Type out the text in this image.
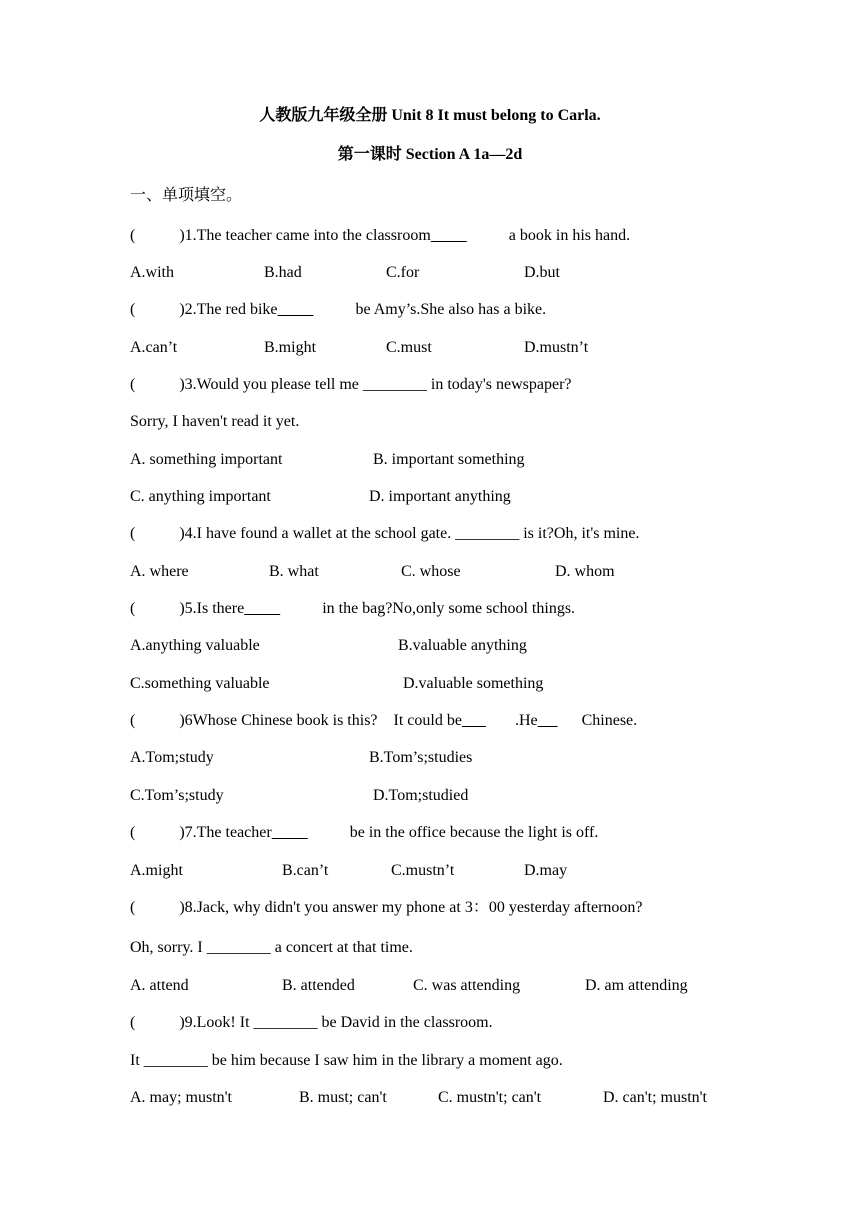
人教版九年级全册 Unit 8 It must belong to Carla.
第一课时 Section A 1a—2d
一、单项填空。
(           )1.The teacher came into the classroom	a book in his hand.
A.with	B.had	C.for	D.but
(           )2.The red bike	be Amy’s.She also has a bike.
A.can’t	B.might	C.must	D.mustn’t
(           )3.Would you please tell me ________ in today's newspaper?
Sorry, I haven't read it yet.
A. something important	B. important something
C. anything important	D. important anything
(           )4.I have found a wallet at the school gate. ________ is it?Oh, it's mine.
A. where	B. what	C. whose	D. whom
(           )5.Is there	in the bag?No,only some school things.
A.anything valuable	B.valuable anything
C.something valuable	D.valuable something
(           )6Whose Chinese book is this?    It could be	.He	Chinese.
A.Tom;study	B.Tom’s;studies
C.Tom’s;study	D.Tom;studied
(           )7.The teacher	be in the office because the light is off.
A.might	B.can’t	C.mustn’t	D.may
(           )8.Jack, why didn't you answer my phone at 3：00 yesterday afternoon?
Oh, sorry. I ________ a concert at that time.
A. attend	B. attended	C. was attending	D. am attending
(           )9.Look! It ________ be David in the classroom.
It ________ be him because I saw him in the library a moment ago.
A. may; mustn't	B. must; can't	C. mustn't; can't	D. can't; mustn't
